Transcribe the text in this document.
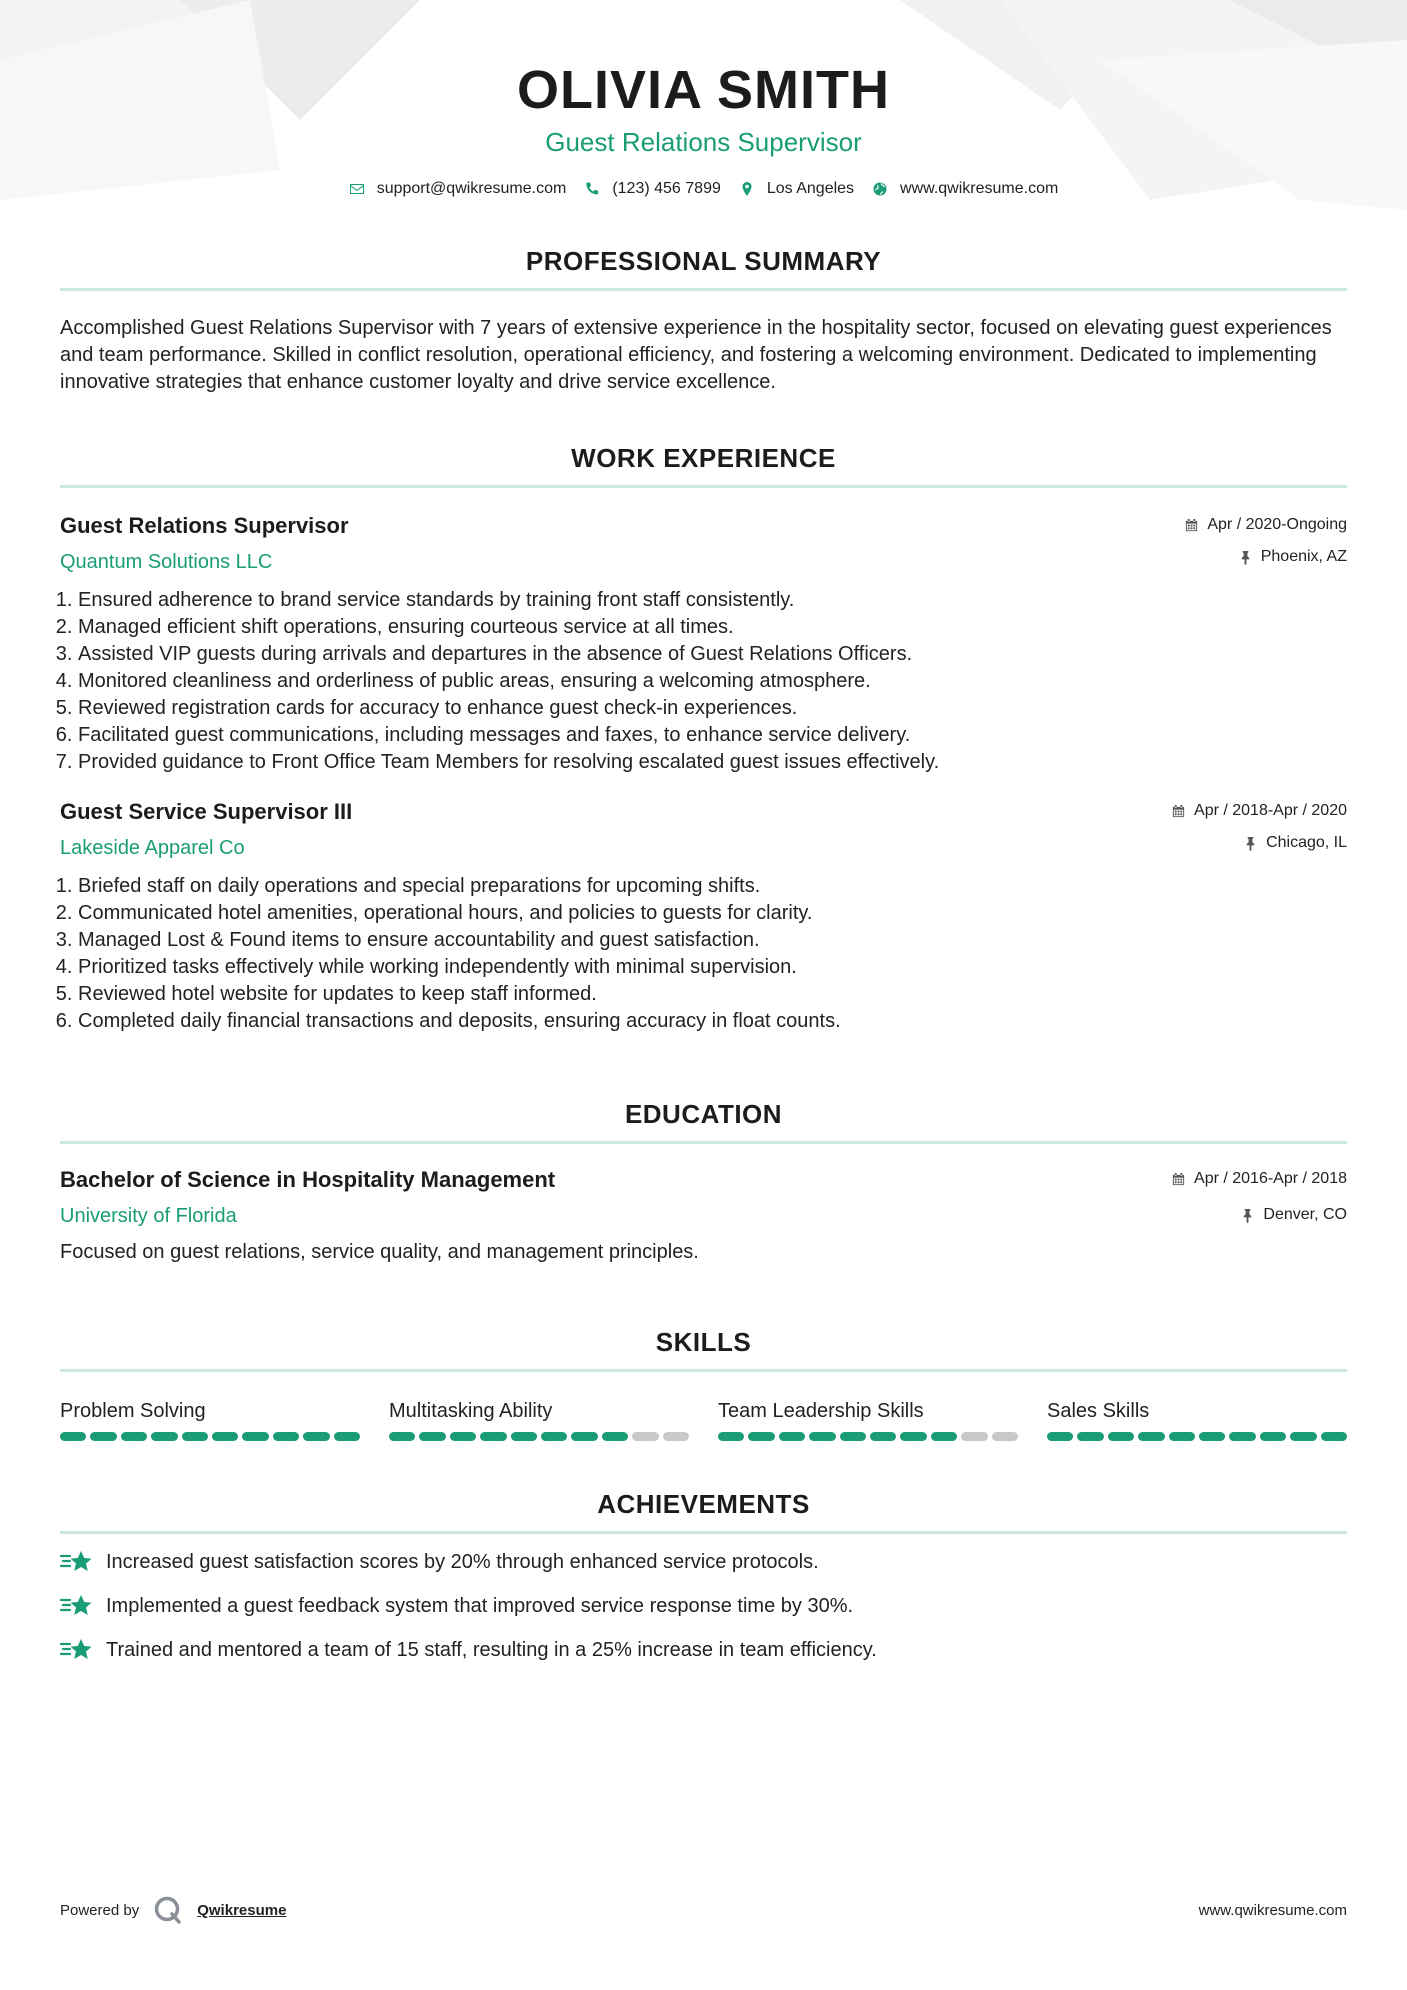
OLIVIA SMITH
Guest Relations Supervisor
support@qwikresume.com	(123) 456 7899	Los Angeles	www.qwikresume.com
PROFESSIONAL SUMMARY

Accomplished Guest Relations Supervisor with 7 years of extensive experience in the hospitality sector, focused on elevating guest experiences and team performance. Skilled in conflict resolution, operational efficiency, and fostering a welcoming environment. Dedicated to implementing innovative strategies that enhance customer loyalty and drive service excellence.

WORK EXPERIENCE
Guest Relations Supervisor
Quantum Solutions LLC
Apr / 2020-Ongoing
Phoenix, AZ
1. Ensured adherence to brand service standards by training front staff consistently.
2. Managed efficient shift operations, ensuring courteous service at all times.
3. Assisted VIP guests during arrivals and departures in the absence of Guest Relations Officers.
4. Monitored cleanliness and orderliness of public areas, ensuring a welcoming atmosphere.
5. Reviewed registration cards for accuracy to enhance guest check-in experiences.
6. Facilitated guest communications, including messages and faxes, to enhance service delivery.
7. Provided guidance to Front Office Team Members for resolving escalated guest issues effectively.
Guest Service Supervisor III
Lakeside Apparel Co
Apr / 2018-Apr / 2020
Chicago, IL
1. Briefed staff on daily operations and special preparations for upcoming shifts.
2. Communicated hotel amenities, operational hours, and policies to guests for clarity.
3. Managed Lost & Found items to ensure accountability and guest satisfaction.
4. Prioritized tasks effectively while working independently with minimal supervision.
5. Reviewed hotel website for updates to keep staff informed.
6. Completed daily financial transactions and deposits, ensuring accuracy in float counts.
EDUCATION
Bachelor of Science in Hospitality Management
University of Florida
Apr / 2016-Apr / 2018
Denver, CO
Focused on guest relations, service quality, and management principles.
SKILLS
Problem Solving	Multitasking Ability	Team Leadership Skills	Sales Skills
ACHIEVEMENTS
Increased guest satisfaction scores by 20% through enhanced service protocols.
Implemented a guest feedback system that improved service response time by 30%.
Trained and mentored a team of 15 staff, resulting in a 25% increase in team efficiency.
Powered by	Qwikresume	www.qwikresume.com
